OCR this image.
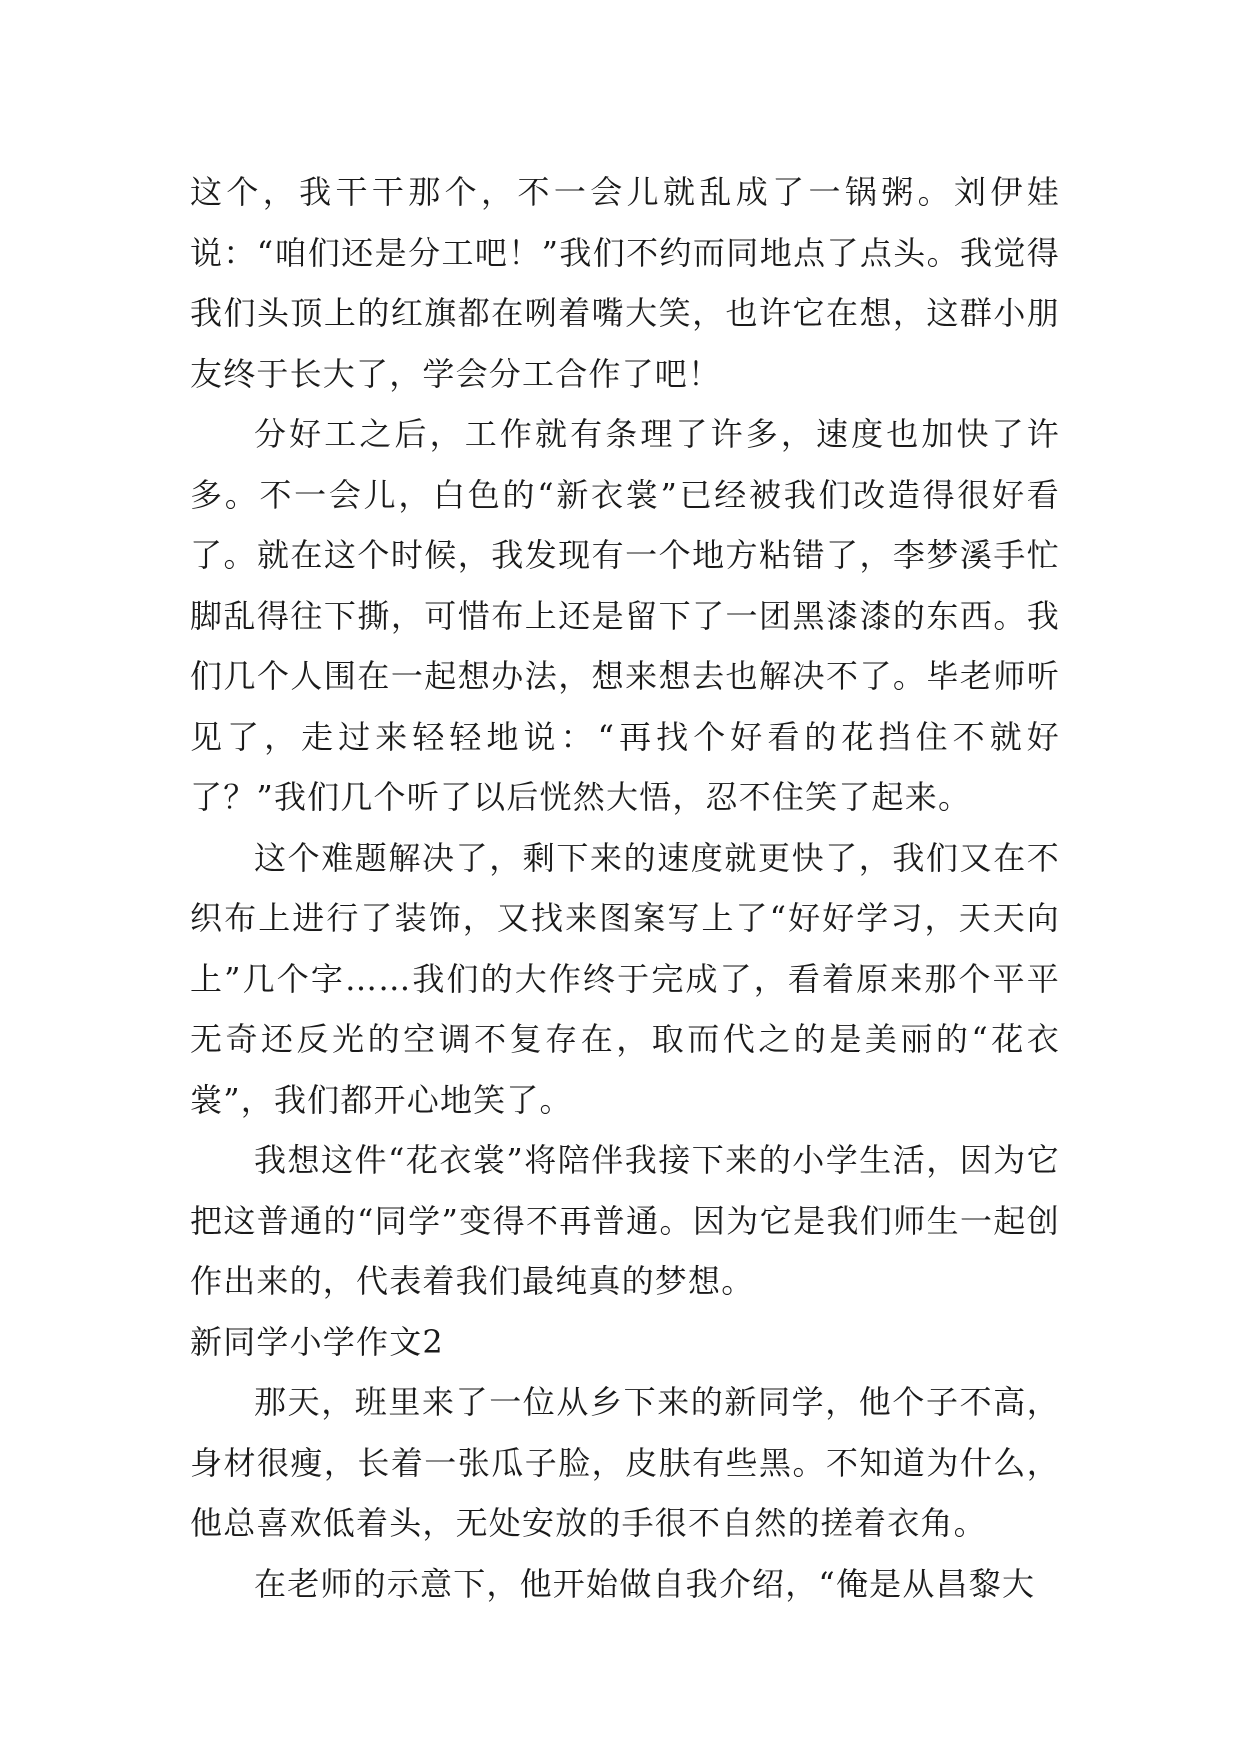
这个，我干干那个，不一会儿就乱成了一锅粥。刘伊娃说：“咱们还是分工吧！”我们不约而同地点了点头。我觉得我们头顶上的红旗都在咧着嘴大笑，也许它在想，这群小朋友终于长大了，学会分工合作了吧！

分好工之后，工作就有条理了许多，速度也加快了许多。不一会儿，白色的“新衣裳”已经被我们改造得很好看了。就在这个时候，我发现有一个地方粘错了，李梦溪手忙脚乱得往下撕，可惜布上还是留下了一团黑漆漆的东西。我们几个人围在一起想办法，想来想去也解决不了。毕老师听见了，走过来轻轻地说：“再找个好看的花挡住不就好了？”我们几个听了以后恍然大悟，忍不住笑了起来。

这个难题解决了，剩下来的速度就更快了，我们又在不织布上进行了装饰，又找来图案写上了“好好学习，天天向上”几个字……我们的大作终于完成了，看着原来那个平平无奇还反光的空调不复存在，取而代之的是美丽的“花衣裳”，我们都开心地笑了。

我想这件“花衣裳”将陪伴我接下来的小学生活，因为它把这普通的“同学”变得不再普通。因为它是我们师生一起创作出来的，代表着我们最纯真的梦想。

新同学小学作文2

那天，班里来了一位从乡下来的新同学，他个子不高，身材很瘦，长着一张瓜子脸，皮肤有些黑。不知道为什么，他总喜欢低着头，无处安放的手很不自然的搓着衣角。

在老师的示意下，他开始做自我介绍，“俺是从昌黎大
